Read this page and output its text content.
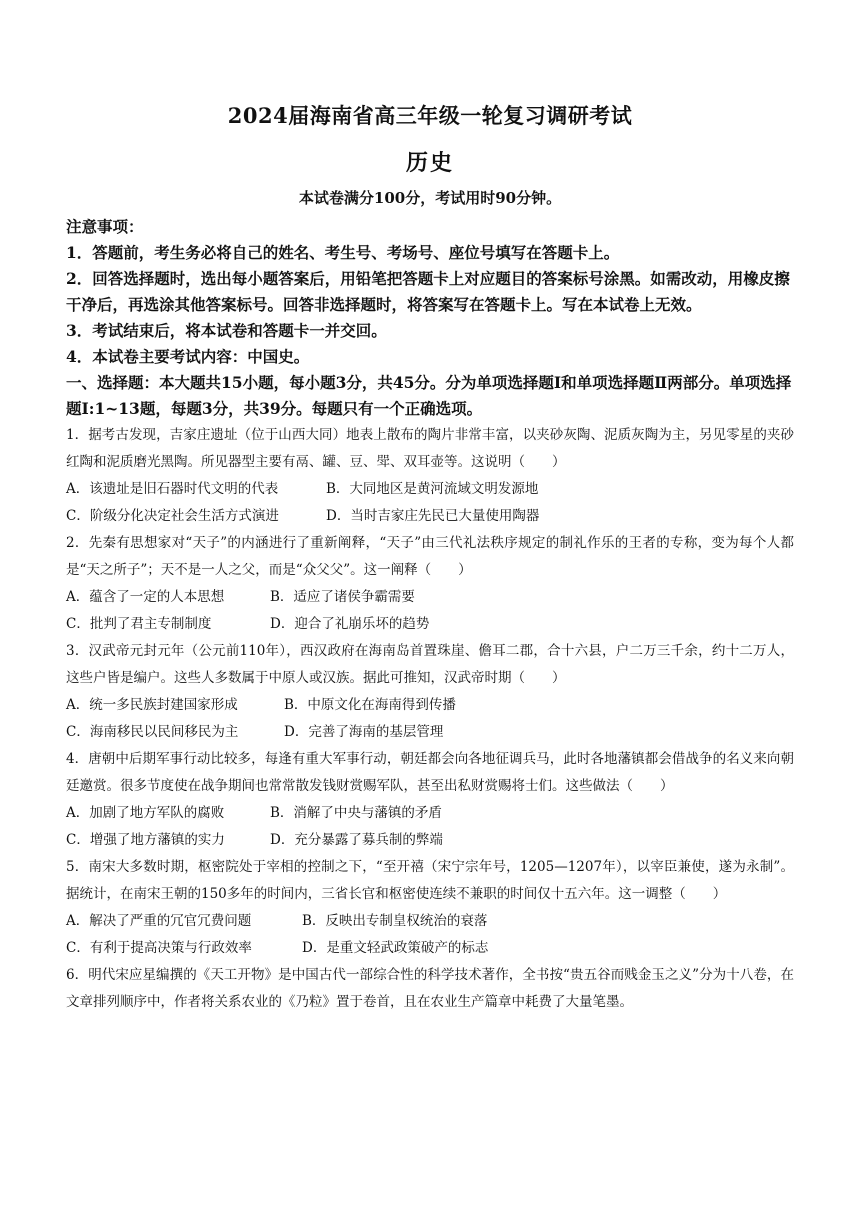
2024届海南省高三年级一轮复习调研考试
历史
本试卷满分100分，考试用时90分钟。

注意事项：

1．答题前，考生务必将自己的姓名、考生号、考场号、座位号填写在答题卡上。

2．回答选择题时，选出每小题答案后，用铅笔把答题卡上对应题目的答案标号涂黑。如需改动，用橡皮擦干净后，再选涂其他答案标号。回答非选择题时，将答案写在答题卡上。写在本试卷上无效。

3．考试结束后，将本试卷和答题卡一并交回。

4．本试卷主要考试内容：中国史。

一、选择题：本大题共15小题，每小题3分，共45分。分为单项选择题Ⅰ和单项选择题Ⅱ两部分。单项选择题Ⅰ:1~13题，每题3分，共39分。每题只有一个正确选项。

1．据考古发现，吉家庄遗址（位于山西大同）地表上散布的陶片非常丰富，以夹砂灰陶、泥质灰陶为主，另见零星的夹砂红陶和泥质磨光黑陶。所见器型主要有鬲、罐、豆、斝、双耳壶等。这说明（　　）

A．该遗址是旧石器时代文明的代表	B．大同地区是黄河流域文明发源地

C．阶级分化决定社会生活方式演进	D．当时吉家庄先民已大量使用陶器

2．先秦有思想家对“天子”的内涵进行了重新阐释，“天子”由三代礼法秩序规定的制礼作乐的王者的专称，变为每个人都是“天之所子”；天不是一人之父，而是“众父父”。这一阐释（　　）

A．蕴含了一定的人本思想	B．适应了诸侯争霸需要

C．批判了君主专制制度	D．迎合了礼崩乐坏的趋势

3．汉武帝元封元年（公元前110年），西汉政府在海南岛首置珠崖、儋耳二郡，合十六县，户二万三千余，约十二万人，这些户皆是编户。这些人多数属于中原人或汉族。据此可推知，汉武帝时期（　　）

A．统一多民族封建国家形成	B．中原文化在海南得到传播

C．海南移民以民间移民为主	D．完善了海南的基层管理

4．唐朝中后期军事行动比较多，每逢有重大军事行动，朝廷都会向各地征调兵马，此时各地藩镇都会借战争的名义来向朝廷邀赏。很多节度使在战争期间也常常散发钱财赏赐军队，甚至出私财赏赐将士们。这些做法（　　）

A．加剧了地方军队的腐败	B．消解了中央与藩镇的矛盾

C．增强了地方藩镇的实力	D．充分暴露了募兵制的弊端

5．南宋大多数时期，枢密院处于宰相的控制之下，“至开禧（宋宁宗年号，1205—1207年），以宰臣兼使，遂为永制”。据统计，在南宋王朝的150多年的时间内，三省长官和枢密使连续不兼职的时间仅十五六年。这一调整（　　）

A．解决了严重的冗官冗费问题	B．反映出专制皇权统治的衰落

C．有利于提高决策与行政效率	D．是重文轻武政策破产的标志

6．明代宋应星编撰的《天工开物》是中国古代一部综合性的科学技术著作，全书按“贵五谷而贱金玉之义”分为十八卷，在文章排列顺序中，作者将关系农业的《乃粒》置于卷首，且在农业生产篇章中耗费了大量笔墨。
